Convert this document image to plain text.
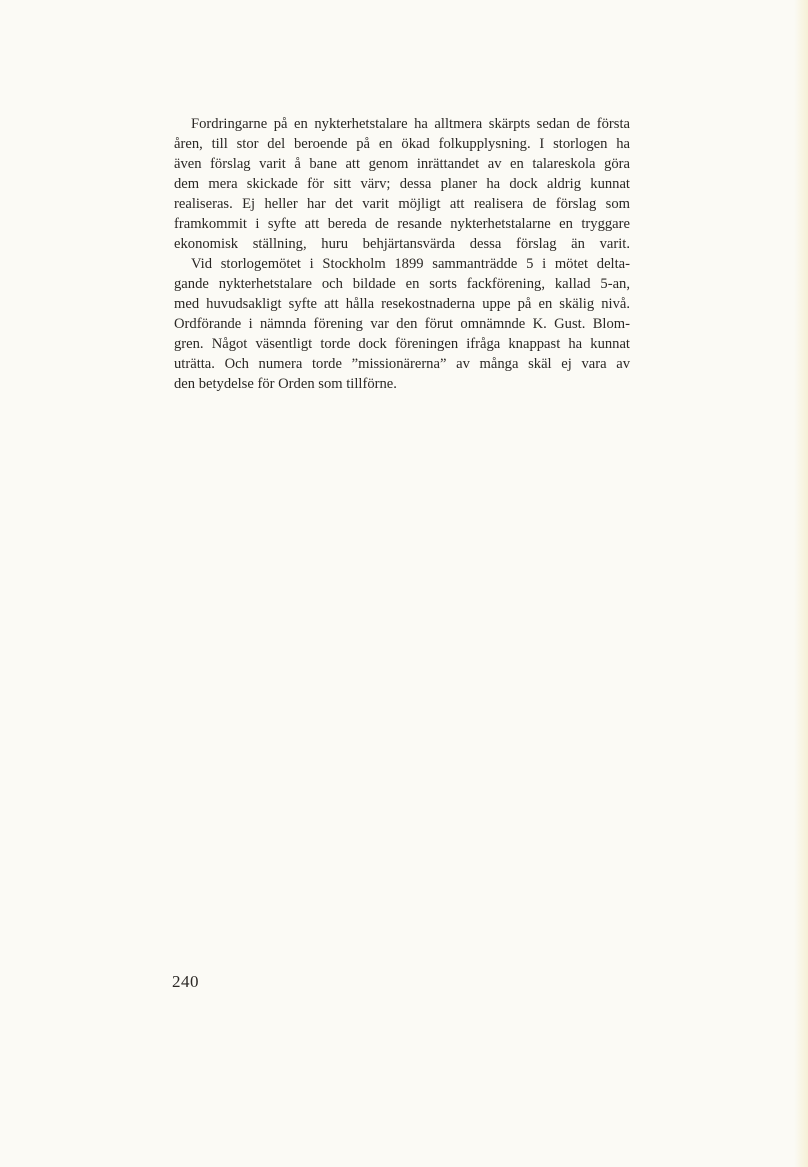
Fordringarne på en nykterhetstalare ha alltmera skärpts sedan de första
åren, till stor del beroende på en ökad folkupplysning. I storlogen ha
även förslag varit å bane att genom inrättandet av en talareskola göra
dem mera skickade för sitt värv; dessa planer ha dock aldrig kunnat
realiseras. Ej heller har det varit möjligt att realisera de förslag som
framkommit i syfte att bereda de resande nykterhetstalarne en tryggare
ekonomisk ställning, huru behjärtansvärda dessa förslag än varit.
Vid storlogemötet i Stockholm 1899 sammanträdde 5 i mötet delta-
gande nykterhetstalare och bildade en sorts fackförening, kallad 5-an,
med huvudsakligt syfte att hålla resekostnaderna uppe på en skälig nivå.
Ordförande i nämnda förening var den förut omnämnde K. Gust. Blom-
gren. Något väsentligt torde dock föreningen ifråga knappast ha kunnat
uträtta. Och numera torde ”missionärerna” av många skäl ej vara av
den betydelse för Orden som tillförne.
240
